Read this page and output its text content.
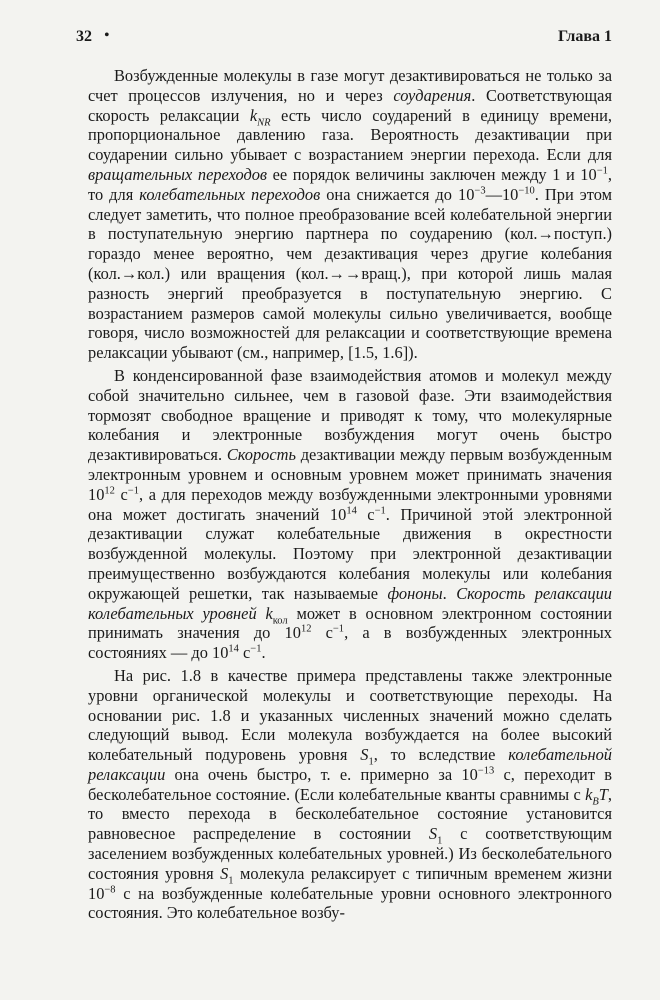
32 •	Глава 1

Возбужденные молекулы в газе могут дезактивироваться не только за счет процессов излучения, но и через соударения. Соответствующая скорость релаксации $k_{NR}$ есть число соударений в единицу времени, пропорциональное давлению газа. Вероятность дезактивации при соударении сильно убывает с возрастанием энергии перехода. Если для вращательных переходов ее порядок величины заключен между 1 и $10^{-1}$, то для колебательных переходов она снижается до $10^{-3}—10^{-10}$. При этом следует заметить, что полное преобразование всей колебательной энергии в поступательную энергию партнера по соударению (кол.→поступ.) гораздо менее вероятно, чем дезактивация через другие колебания (кол.→кол.) или вращения (кол.→→вращ.), при которой лишь малая разность энергий преобразуется в поступательную энергию. С возрастанием размеров самой молекулы сильно увеличивается, вообще говоря, число возможностей для релаксации и соответствующие времена релаксации убывают (см., например, [1.5, 1.6]).

В конденсированной фазе взаимодействия атомов и молекул между собой значительно сильнее, чем в газовой фазе. Эти взаимодействия тормозят свободное вращение и приводят к тому, что молекулярные колебания и электронные возбуждения могут очень быстро дезактивироваться. Скорость дезактивации между первым возбужденным электронным уровнем и основным уровнем может принимать значения $10^{12}$ $с^{-1}$, а для переходов между возбужденными электронными уровнями она может достигать значений $10^{14}$ $с^{-1}$. Причиной этой электронной дезактивации служат колебательные движения в окрестности возбужденной молекулы. Поэтому при электронной дезактивации преимущественно возбуждаются колебания молекулы или колебания окружающей решетки, так называемые фононы. Скорость релаксации колебательных уровней $k_{кол}$ может в основном электронном состоянии принимать значения до $10^{12}$ $с^{-1}$, а в возбужденных электронных состояниях — до $10^{14}$ $с^{-1}$.

На рис. 1.8 в качестве примера представлены также электронные уровни органической молекулы и соответствующие переходы. На основании рис. 1.8 и указанных численных значений можно сделать следующий вывод. Если молекула возбуждается на более высокий колебательный подуровень уровня $S_1$, то вследствие колебательной релаксации она очень быстро, т. е. примерно за $10^{-13}$ с, переходит в бесколебательное состояние. (Если колебательные кванты сравнимы с $k_BT$, то вместо перехода в бесколебательное состояние установится равновесное распределение в состоянии $S_1$ с соответствующим заселением возбужденных колебательных уровней.) Из бесколебательного состояния уровня $S_1$ молекула релаксирует с типичным временем жизни $10^{-8}$ с на возбужденные колебательные уровни основного электронного состояния. Это колебательное возбу-
